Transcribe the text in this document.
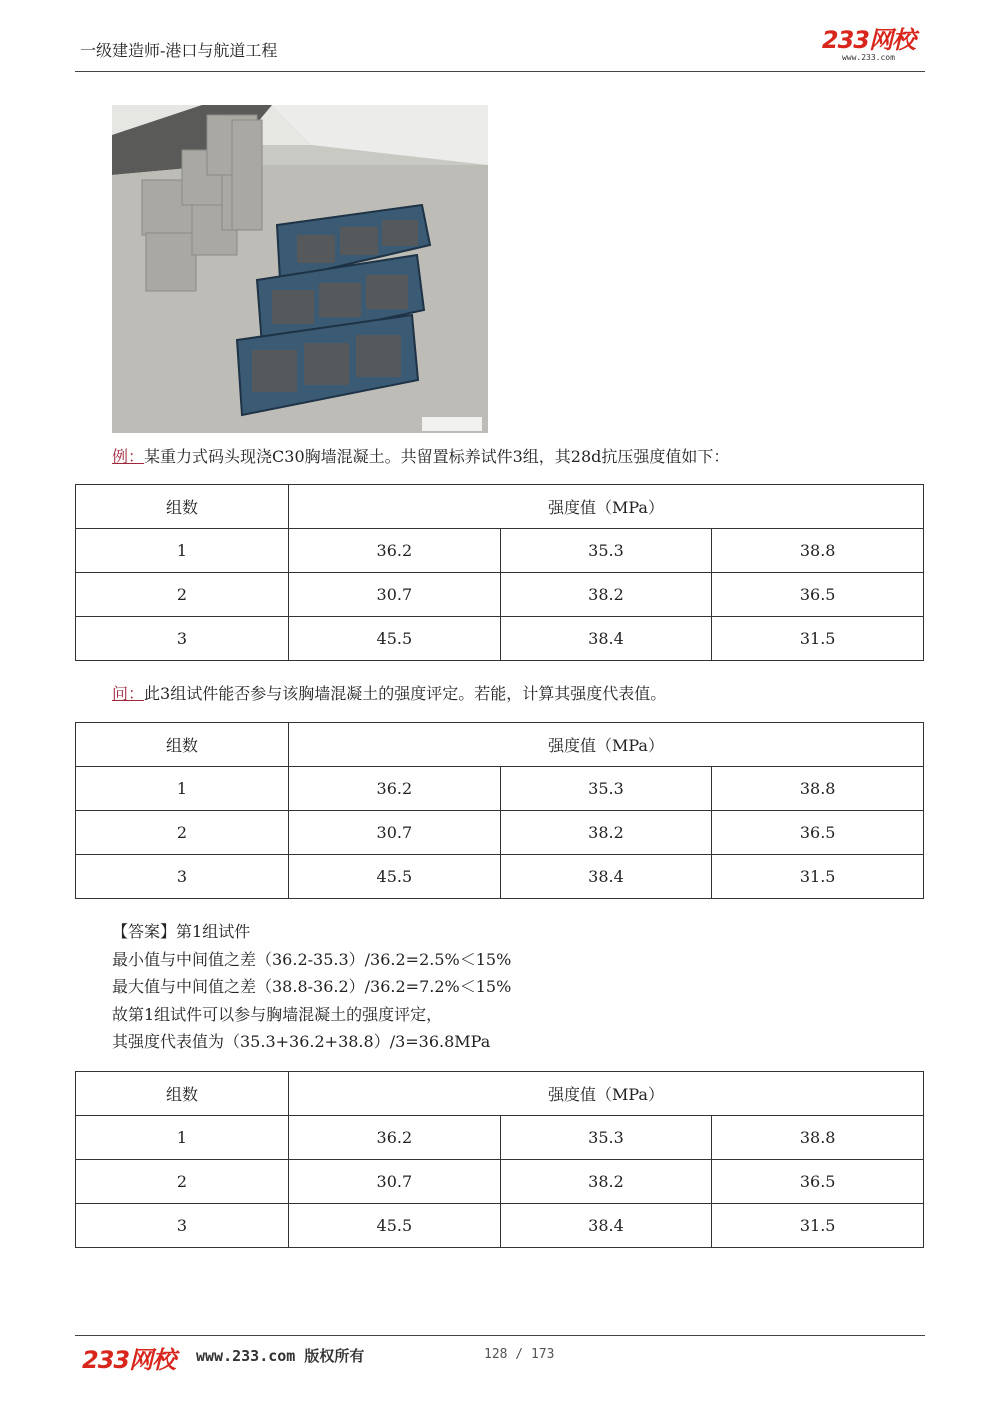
一级建造师-港口与航道工程	233网校
www.233.com
例：某重力式码头现浇C30胸墙混凝土。共留置标养试件3组，其28d抗压强度值如下：
组数	强度值（MPa）		
1	36.2	35.3	38.8
2	30.7	38.2	36.5
3	45.5	38.4	31.5
问：此3组试件能否参与该胸墙混凝土的强度评定。若能，计算其强度代表值。
组数	强度值（MPa）		
1	36.2	35.3	38.8
2	30.7	38.2	36.5
3	45.5	38.4	31.5
【答案】第1组试件
最小值与中间值之差（36.2-35.3）/36.2=2.5%＜15%
最大值与中间值之差（38.8-36.2）/36.2=7.2%＜15%
故第1组试件可以参与胸墙混凝土的强度评定，
其强度代表值为（35.3+36.2+38.8）/3=36.8MPa
组数	强度值（MPa）		
1	36.2	35.3	38.8
2	30.7	38.2	36.5
3	45.5	38.4	31.5
233网校 www.233.com 版权所有	128 / 173
